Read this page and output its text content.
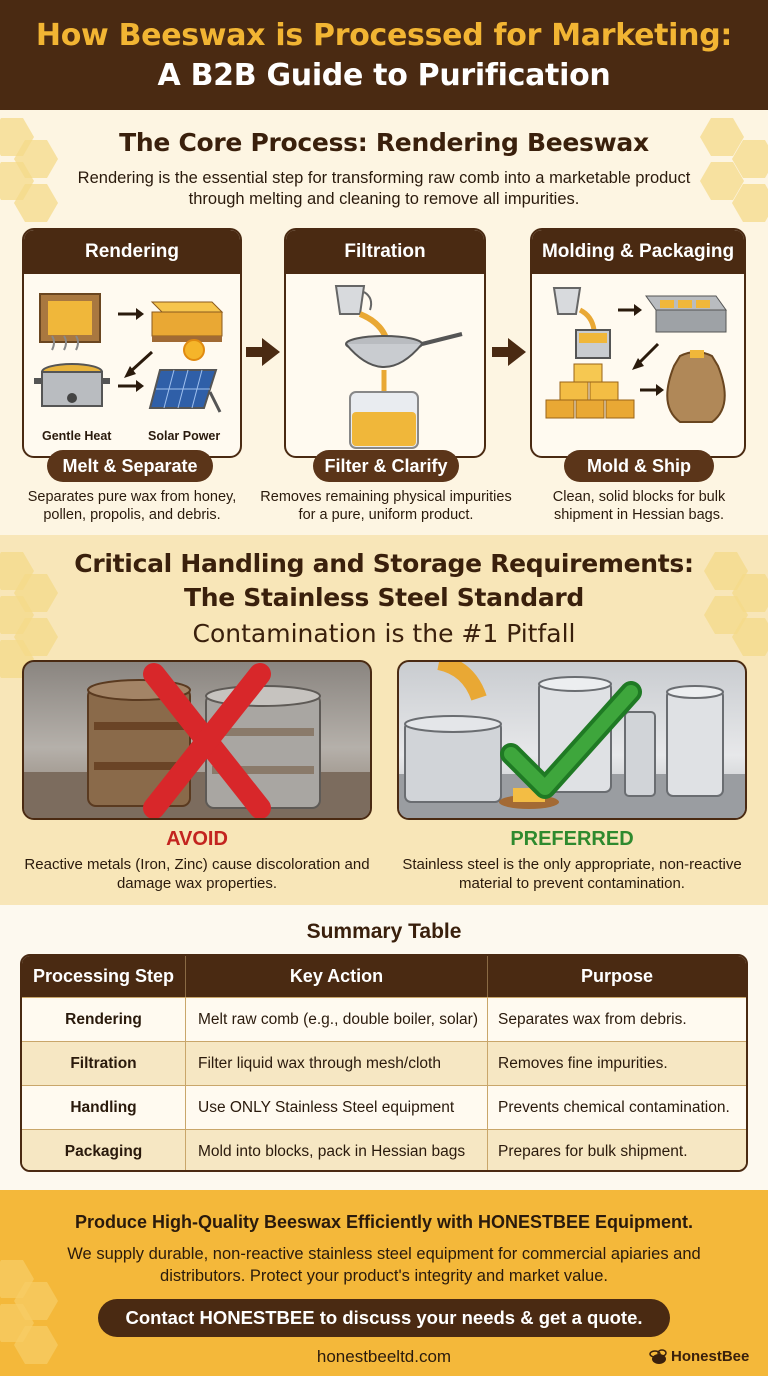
How Beeswax is Processed for Marketing:
A B2B Guide to Purification
The Core Process: Rendering Beeswax
Rendering is the essential step for transforming raw comb into a marketable product through melting and cleaning to remove all impurities.
Rendering
Gentle Heat	Solar Power
Melt & Separate
Separates pure wax from honey, pollen, propolis, and debris.
Filtration
Filter & Clarify
Removes remaining physical impurities for a pure, uniform product.
Molding & Packaging
Mold & Ship
Clean, solid blocks for bulk shipment in Hessian bags.
Critical Handling and Storage Requirements:
The Stainless Steel Standard
Contamination is the #1 Pitfall
AVOID
Reactive metals (Iron, Zinc) cause discoloration and damage wax properties.
PREFERRED
Stainless steel is the only appropriate, non-reactive material to prevent contamination.
Summary Table
Processing Step	Key Action	Purpose
Rendering	Melt raw comb (e.g., double boiler, solar)	Separates wax from debris.
Filtration	Filter liquid wax through mesh/cloth	Removes fine impurities.
Handling	Use ONLY Stainless Steel equipment	Prevents chemical contamination.
Packaging	Mold into blocks, pack in Hessian bags	Prepares for bulk shipment.
Produce High-Quality Beeswax Efficiently with HONESTBEE Equipment.
We supply durable, non-reactive stainless steel equipment for commercial apiaries and distributors. Protect your product's integrity and market value.
Contact HONESTBEE to discuss your needs & get a quote.
honestbeeltd.com	HonestBee
